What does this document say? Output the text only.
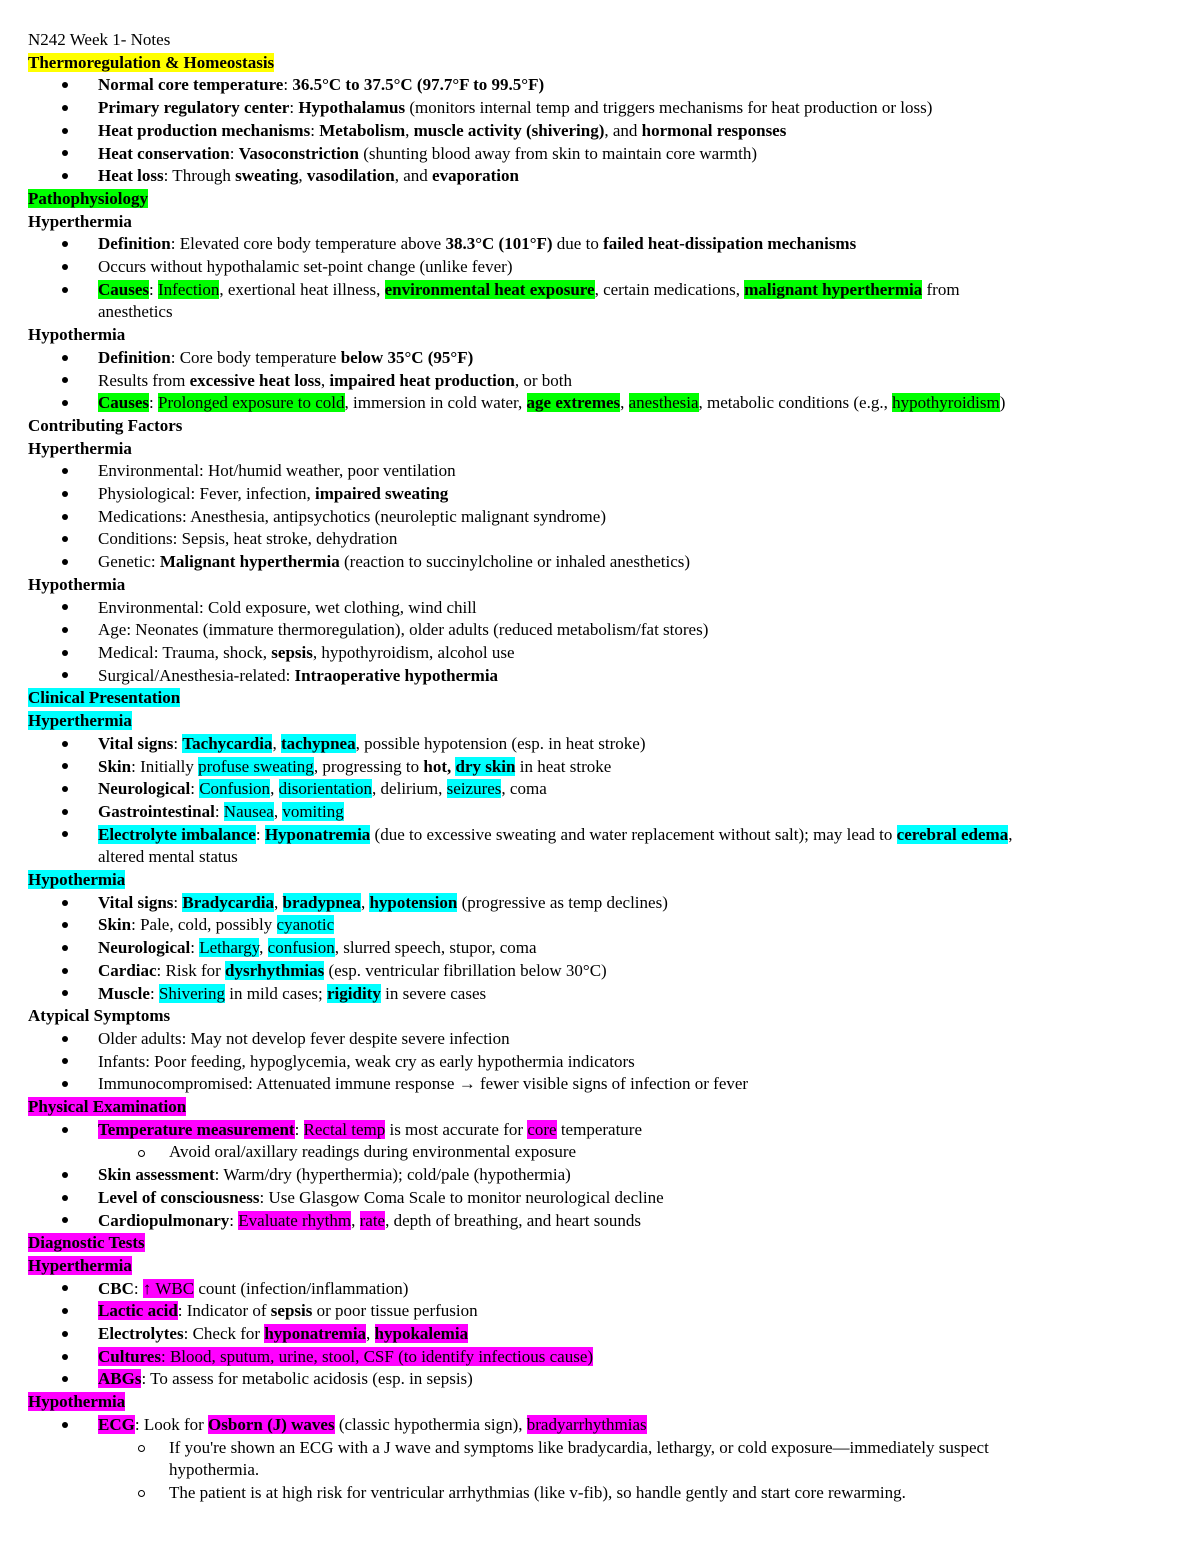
N242 Week 1- Notes
Thermoregulation & Homeostasis
Normal core temperature: 36.5°C to 37.5°C (97.7°F to 99.5°F)
Primary regulatory center: Hypothalamus (monitors internal temp and triggers mechanisms for heat production or loss)
Heat production mechanisms: Metabolism, muscle activity (shivering), and hormonal responses
Heat conservation: Vasoconstriction (shunting blood away from skin to maintain core warmth)
Heat loss: Through sweating, vasodilation, and evaporation
Pathophysiology
Hyperthermia
Definition: Elevated core body temperature above 38.3°C (101°F) due to failed heat-dissipation mechanisms
Occurs without hypothalamic set-point change (unlike fever)
Causes: Infection, exertional heat illness, environmental heat exposure, certain medications, malignant hyperthermia from
anesthetics
Hypothermia
Definition: Core body temperature below 35°C (95°F)
Results from excessive heat loss, impaired heat production, or both
Causes: Prolonged exposure to cold, immersion in cold water, age extremes, anesthesia, metabolic conditions (e.g., hypothyroidism)
Contributing Factors
Hyperthermia
Environmental: Hot/humid weather, poor ventilation
Physiological: Fever, infection, impaired sweating
Medications: Anesthesia, antipsychotics (neuroleptic malignant syndrome)
Conditions: Sepsis, heat stroke, dehydration
Genetic: Malignant hyperthermia (reaction to succinylcholine or inhaled anesthetics)
Hypothermia
Environmental: Cold exposure, wet clothing, wind chill
Age: Neonates (immature thermoregulation), older adults (reduced metabolism/fat stores)
Medical: Trauma, shock, sepsis, hypothyroidism, alcohol use
Surgical/Anesthesia-related: Intraoperative hypothermia
Clinical Presentation
Hyperthermia
Vital signs: Tachycardia, tachypnea, possible hypotension (esp. in heat stroke)
Skin: Initially profuse sweating, progressing to hot, dry skin in heat stroke
Neurological: Confusion, disorientation, delirium, seizures, coma
Gastrointestinal: Nausea, vomiting
Electrolyte imbalance: Hyponatremia (due to excessive sweating and water replacement without salt); may lead to cerebral edema,
altered mental status
Hypothermia
Vital signs: Bradycardia, bradypnea, hypotension (progressive as temp declines)
Skin: Pale, cold, possibly cyanotic
Neurological: Lethargy, confusion, slurred speech, stupor, coma
Cardiac: Risk for dysrhythmias (esp. ventricular fibrillation below 30°C)
Muscle: Shivering in mild cases; rigidity in severe cases
Atypical Symptoms
Older adults: May not develop fever despite severe infection
Infants: Poor feeding, hypoglycemia, weak cry as early hypothermia indicators
Immunocompromised: Attenuated immune response → fewer visible signs of infection or fever
Physical Examination
Temperature measurement: Rectal temp is most accurate for core temperature
Avoid oral/axillary readings during environmental exposure
Skin assessment: Warm/dry (hyperthermia); cold/pale (hypothermia)
Level of consciousness: Use Glasgow Coma Scale to monitor neurological decline
Cardiopulmonary: Evaluate rhythm, rate, depth of breathing, and heart sounds
Diagnostic Tests
Hyperthermia
CBC: ↑ WBC count (infection/inflammation)
Lactic acid: Indicator of sepsis or poor tissue perfusion
Electrolytes: Check for hyponatremia, hypokalemia
Cultures: Blood, sputum, urine, stool, CSF (to identify infectious cause)
ABGs: To assess for metabolic acidosis (esp. in sepsis)
Hypothermia
ECG: Look for Osborn (J) waves (classic hypothermia sign), bradyarrhythmias
If you're shown an ECG with a J wave and symptoms like bradycardia, lethargy, or cold exposure—immediately suspect
hypothermia.
The patient is at high risk for ventricular arrhythmias (like v-fib), so handle gently and start core rewarming.
